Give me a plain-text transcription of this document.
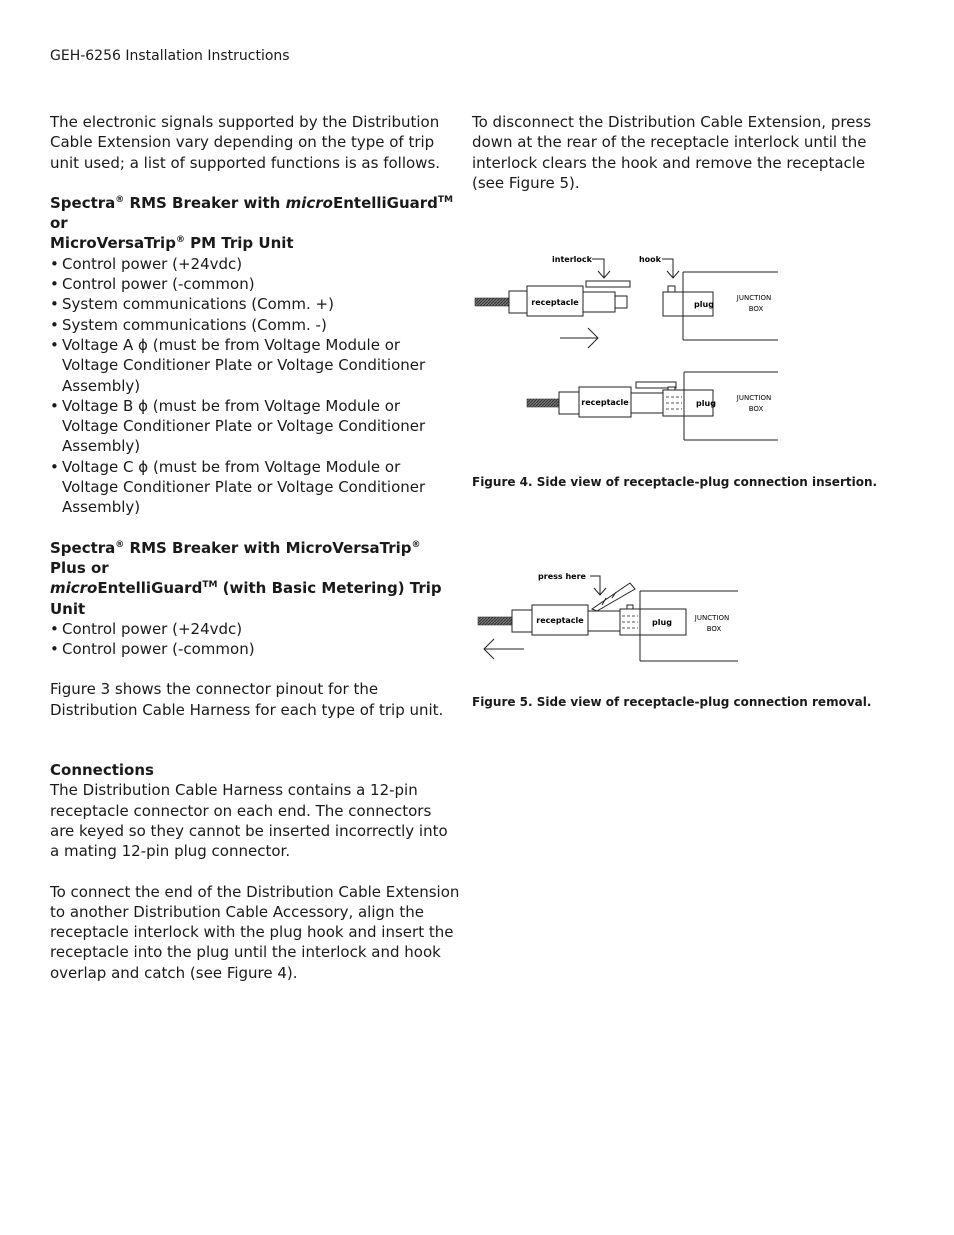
GEH-6256 Installation Instructions

The electronic signals supported by the Distribution Cable Extension vary depending on the type of trip unit used; a list of supported functions is as follows.

Spectra® RMS Breaker with microEntelliGuard™ or
MicroVersaTrip® PM Trip Unit
• Control power (+24vdc)
• Control power (-common)
• System communications (Comm. +)
• System communications (Comm. -)
• Voltage A ϕ (must be from Voltage Module or Voltage Conditioner Plate or Voltage Conditioner Assembly)
• Voltage B ϕ (must be from Voltage Module or Voltage Conditioner Plate or Voltage Conditioner Assembly)
• Voltage C ϕ (must be from Voltage Module or Voltage Conditioner Plate or Voltage Conditioner Assembly)
Spectra® RMS Breaker with MicroVersaTrip® Plus or
microEntelliGuard™ (with Basic Metering) Trip Unit
• Control power (+24vdc)
• Control power (-common)

Figure 3 shows the connector pinout for the Distribution Cable Harness for each type of trip unit.

Connections

The Distribution Cable Harness contains a 12-pin receptacle connector on each end. The connectors are keyed so they cannot be inserted incorrectly into a mating 12-pin plug connector.

To connect the end of the Distribution Cable Extension to another Distribution Cable Accessory, align the receptacle interlock with the plug hook and insert the receptacle into the plug until the interlock and hook overlap and catch (see Figure 4).

To disconnect the Distribution Cable Extension, press down at the rear of the receptacle interlock until the interlock clears the hook and remove the receptacle (see Figure 5).

receptacle
interlock	hook
plug
JUNCTION
BOX
receptacle	plug
JUNCTION
BOX
Figure 4. Side view of receptacle-plug connection insertion.
receptacle
press here
plug	JUNCTION
BOX
Figure 5. Side view of receptacle-plug connection removal.
